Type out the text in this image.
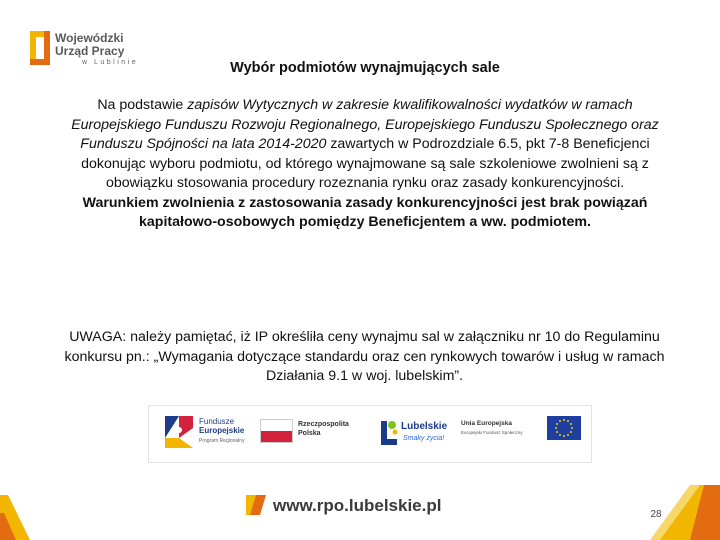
Wojewódzki
Urząd Pracy
w Lublinie	Wybór podmiotów wynajmujących sale
Na podstawie zapisów Wytycznych w zakresie kwalifikowalności wydatków w ramach Europejskiego Funduszu Rozwoju Regionalnego, Europejskiego Funduszu Społecznego oraz Funduszu Spójności na lata 2014-2020 zawartych w Podrozdziale 6.5, pkt 7-8 Beneficjenci dokonując wyboru podmiotu, od którego wynajmowane są sale szkoleniowe zwolnieni są z obowiązku stosowania procedury rozeznania rynku oraz zasady konkurencyjności.
Warunkiem zwolnienia z zastosowania zasady konkurencyjności jest brak powiązań kapitałowo-osobowych pomiędzy Beneficjentem a ww. podmiotem.
UWAGA: należy pamiętać, iż IP określiła ceny wynajmu sal w załączniku nr 10 do Regulaminu konkursu pn.: „Wymagania dotyczące standardu oraz cen rynkowych towarów i usług w ramach Działania 9.1 w woj. lubelskim”.
Fundusze
Europejskie
Program Regionalny
Rzeczpospolita
Polska
Lubelskie
Smaky życia!
Unia Europejska
Europejski Fundusz Społeczny
www.rpo.lubelskie.pl	28
